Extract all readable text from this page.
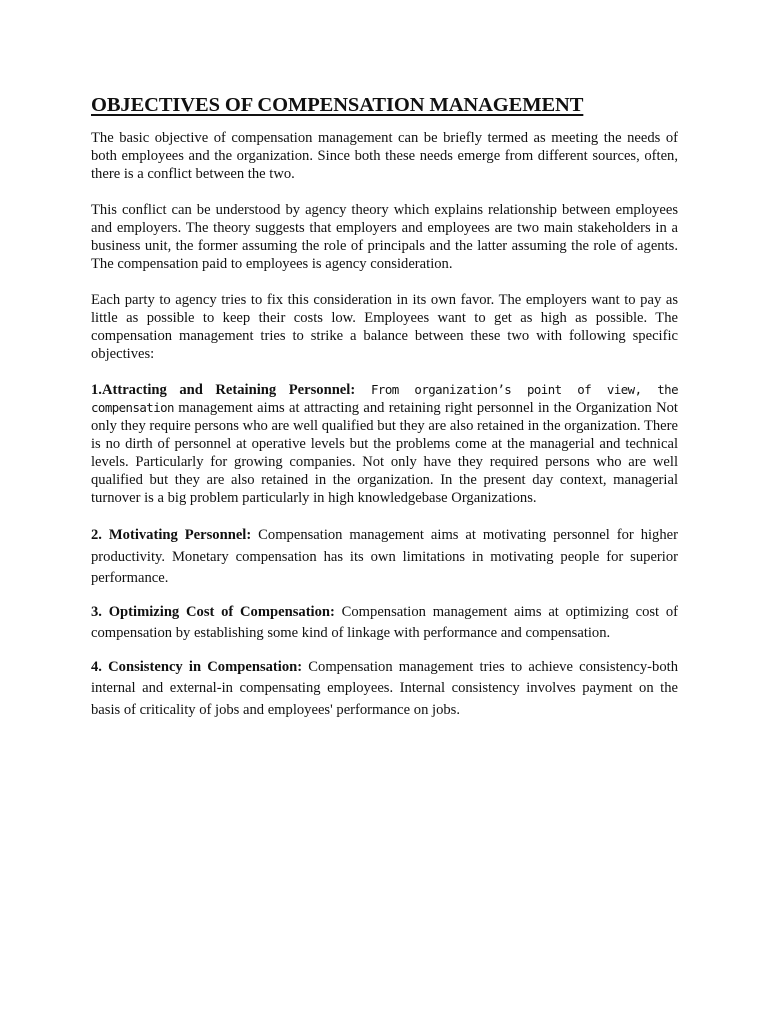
OBJECTIVES OF COMPENSATION MANAGEMENT

The basic objective of compensation management can be briefly termed as meeting the needs of both employees and the organization. Since both these needs emerge from different sources, often, there is a conflict between the two.

This conflict can be understood by agency theory which explains relationship between employees and employers. The theory suggests that employers and employees are two main stakeholders in a business unit, the former assuming the role of principals and the latter assuming the role of agents. The compensation paid to employees is agency consideration.

Each party to agency tries to fix this consideration in its own favor. The employers want to pay as little as possible to keep their costs low. Employees want to get as high as possible. The compensation management tries to strike a balance between these two with following specific objectives:

1.Attracting and Retaining Personnel: From organization’s point of view, the compensation management aims at attracting and retaining right personnel in the Organization Not only they require persons who are well qualified but they are also retained in the organization. There is no dirth of personnel at operative levels but the problems come at the managerial and technical levels. Particularly for growing companies. Not only have they required persons who are well qualified but they are also retained in the organization. In the present day context, managerial turnover is a big problem particularly in high knowledgebase Organizations.

2. Motivating Personnel: Compensation management aims at motivating personnel for higher productivity. Monetary compensation has its own limitations in motivating people for superior performance.

3. Optimizing Cost of Compensation: Compensation management aims at optimizing cost of compensation by establishing some kind of linkage with performance and compensation.

4. Consistency in Compensation: Compensation management tries to achieve consistency-both internal and external-in compensating employees. Internal consistency involves payment on the basis of criticality of jobs and employees' performance on jobs.
